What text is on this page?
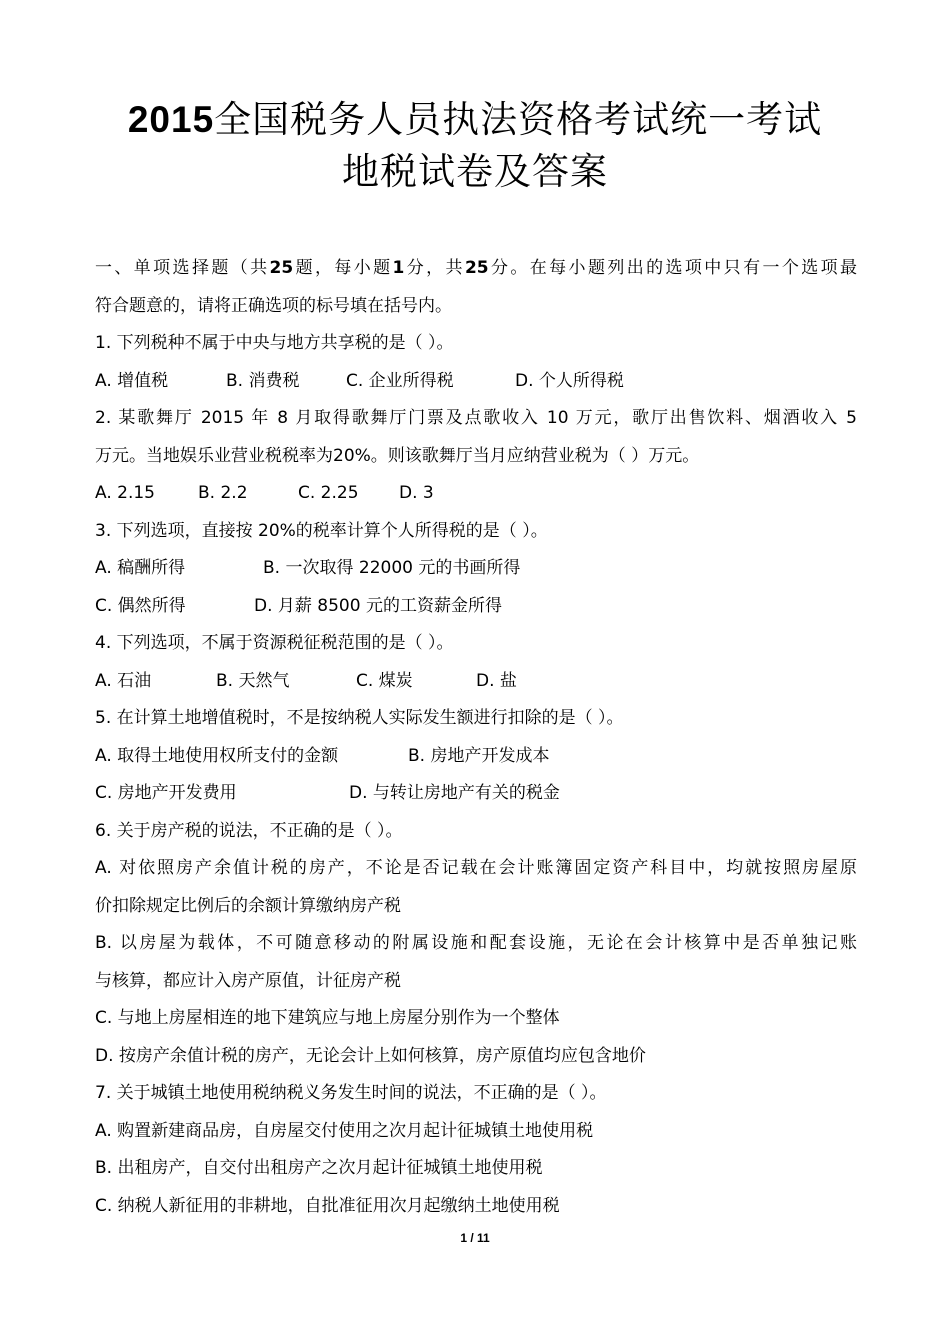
2015全国税务人员执法资格考试统一考试
地税试卷及答案
一、单项选择题（共25题，每小题1分，共25分。在每小题列出的选项中只有一个选项最
符合题意的，请将正确选项的标号填在括号内。
1. 下列税种不属于中央与地方共享税的是（ ）。
A. 增值税	B. 消费税	C. 企业所得税	D. 个人所得税
2. 某歌舞厅 2015 年 8 月取得歌舞厅门票及点歌收入 10 万元，歌厅出售饮料、烟酒收入 5
万元。当地娱乐业营业税税率为20%。则该歌舞厅当月应纳营业税为（ ）万元。
A. 2.15	B. 2.2	C. 2.25	D. 3
3. 下列选项，直接按 20%的税率计算个人所得税的是（ ）。
A. 稿酬所得	B. 一次取得 22000 元的书画所得
C. 偶然所得	D. 月薪 8500 元的工资薪金所得
4. 下列选项，不属于资源税征税范围的是（ ）。
A. 石油	B. 天然气	C. 煤炭	D. 盐
5. 在计算土地增值税时，不是按纳税人实际发生额进行扣除的是（ ）。
A. 取得土地使用权所支付的金额	B. 房地产开发成本
C. 房地产开发费用	D. 与转让房地产有关的税金
6. 关于房产税的说法，不正确的是（ ）。
A. 对依照房产余值计税的房产，不论是否记载在会计账簿固定资产科目中，均就按照房屋原
价扣除规定比例后的余额计算缴纳房产税
B. 以房屋为载体，不可随意移动的附属设施和配套设施，无论在会计核算中是否单独记账
与核算，都应计入房产原值，计征房产税
C. 与地上房屋相连的地下建筑应与地上房屋分别作为一个整体
D. 按房产余值计税的房产，无论会计上如何核算，房产原值均应包含地价
7. 关于城镇土地使用税纳税义务发生时间的说法，不正确的是（ ）。
A. 购置新建商品房，自房屋交付使用之次月起计征城镇土地使用税
B. 出租房产，自交付出租房产之次月起计征城镇土地使用税
C. 纳税人新征用的非耕地，自批准征用次月起缴纳土地使用税
1 / 11
